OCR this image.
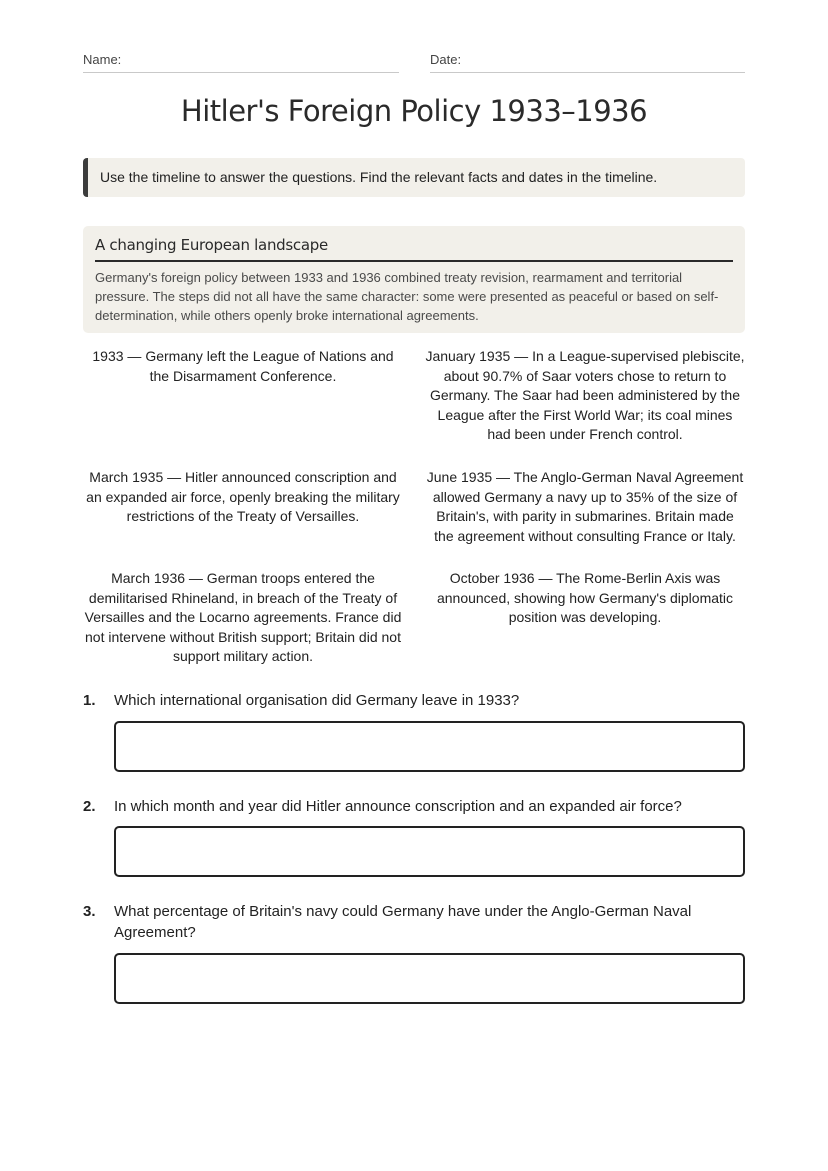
Name:	Date:
Hitler's Foreign Policy 1933–1936
Use the timeline to answer the questions. Find the relevant facts and dates in the timeline.
A changing European landscape

Germany's foreign policy between 1933 and 1936 combined treaty revision, rearmament and territorial pressure. The steps did not all have the same character: some were presented as peaceful or based on self-determination, while others openly broke international agreements.

1933 — Germany left the League of Nations and the Disarmament Conference.
January 1935 — In a League-supervised plebiscite, about 90.7% of Saar voters chose to return to Germany. The Saar had been administered by the League after the First World War; its coal mines had been under French control.
March 1935 — Hitler announced conscription and an expanded air force, openly breaking the military restrictions of the Treaty of Versailles.
June 1935 — The Anglo-German Naval Agreement allowed Germany a navy up to 35% of the size of Britain's, with parity in submarines. Britain made the agreement without consulting France or Italy.
March 1936 — German troops entered the demilitarised Rhineland, in breach of the Treaty of Versailles and the Locarno agreements. France did not intervene without British support; Britain did not support military action.
October 1936 — The Rome-Berlin Axis was announced, showing how Germany's diplomatic position was developing.
1.	Which international organisation did Germany leave in 1933?
2.	In which month and year did Hitler announce conscription and an expanded air force?
3.	What percentage of Britain's navy could Germany have under the Anglo-German Naval Agreement?
